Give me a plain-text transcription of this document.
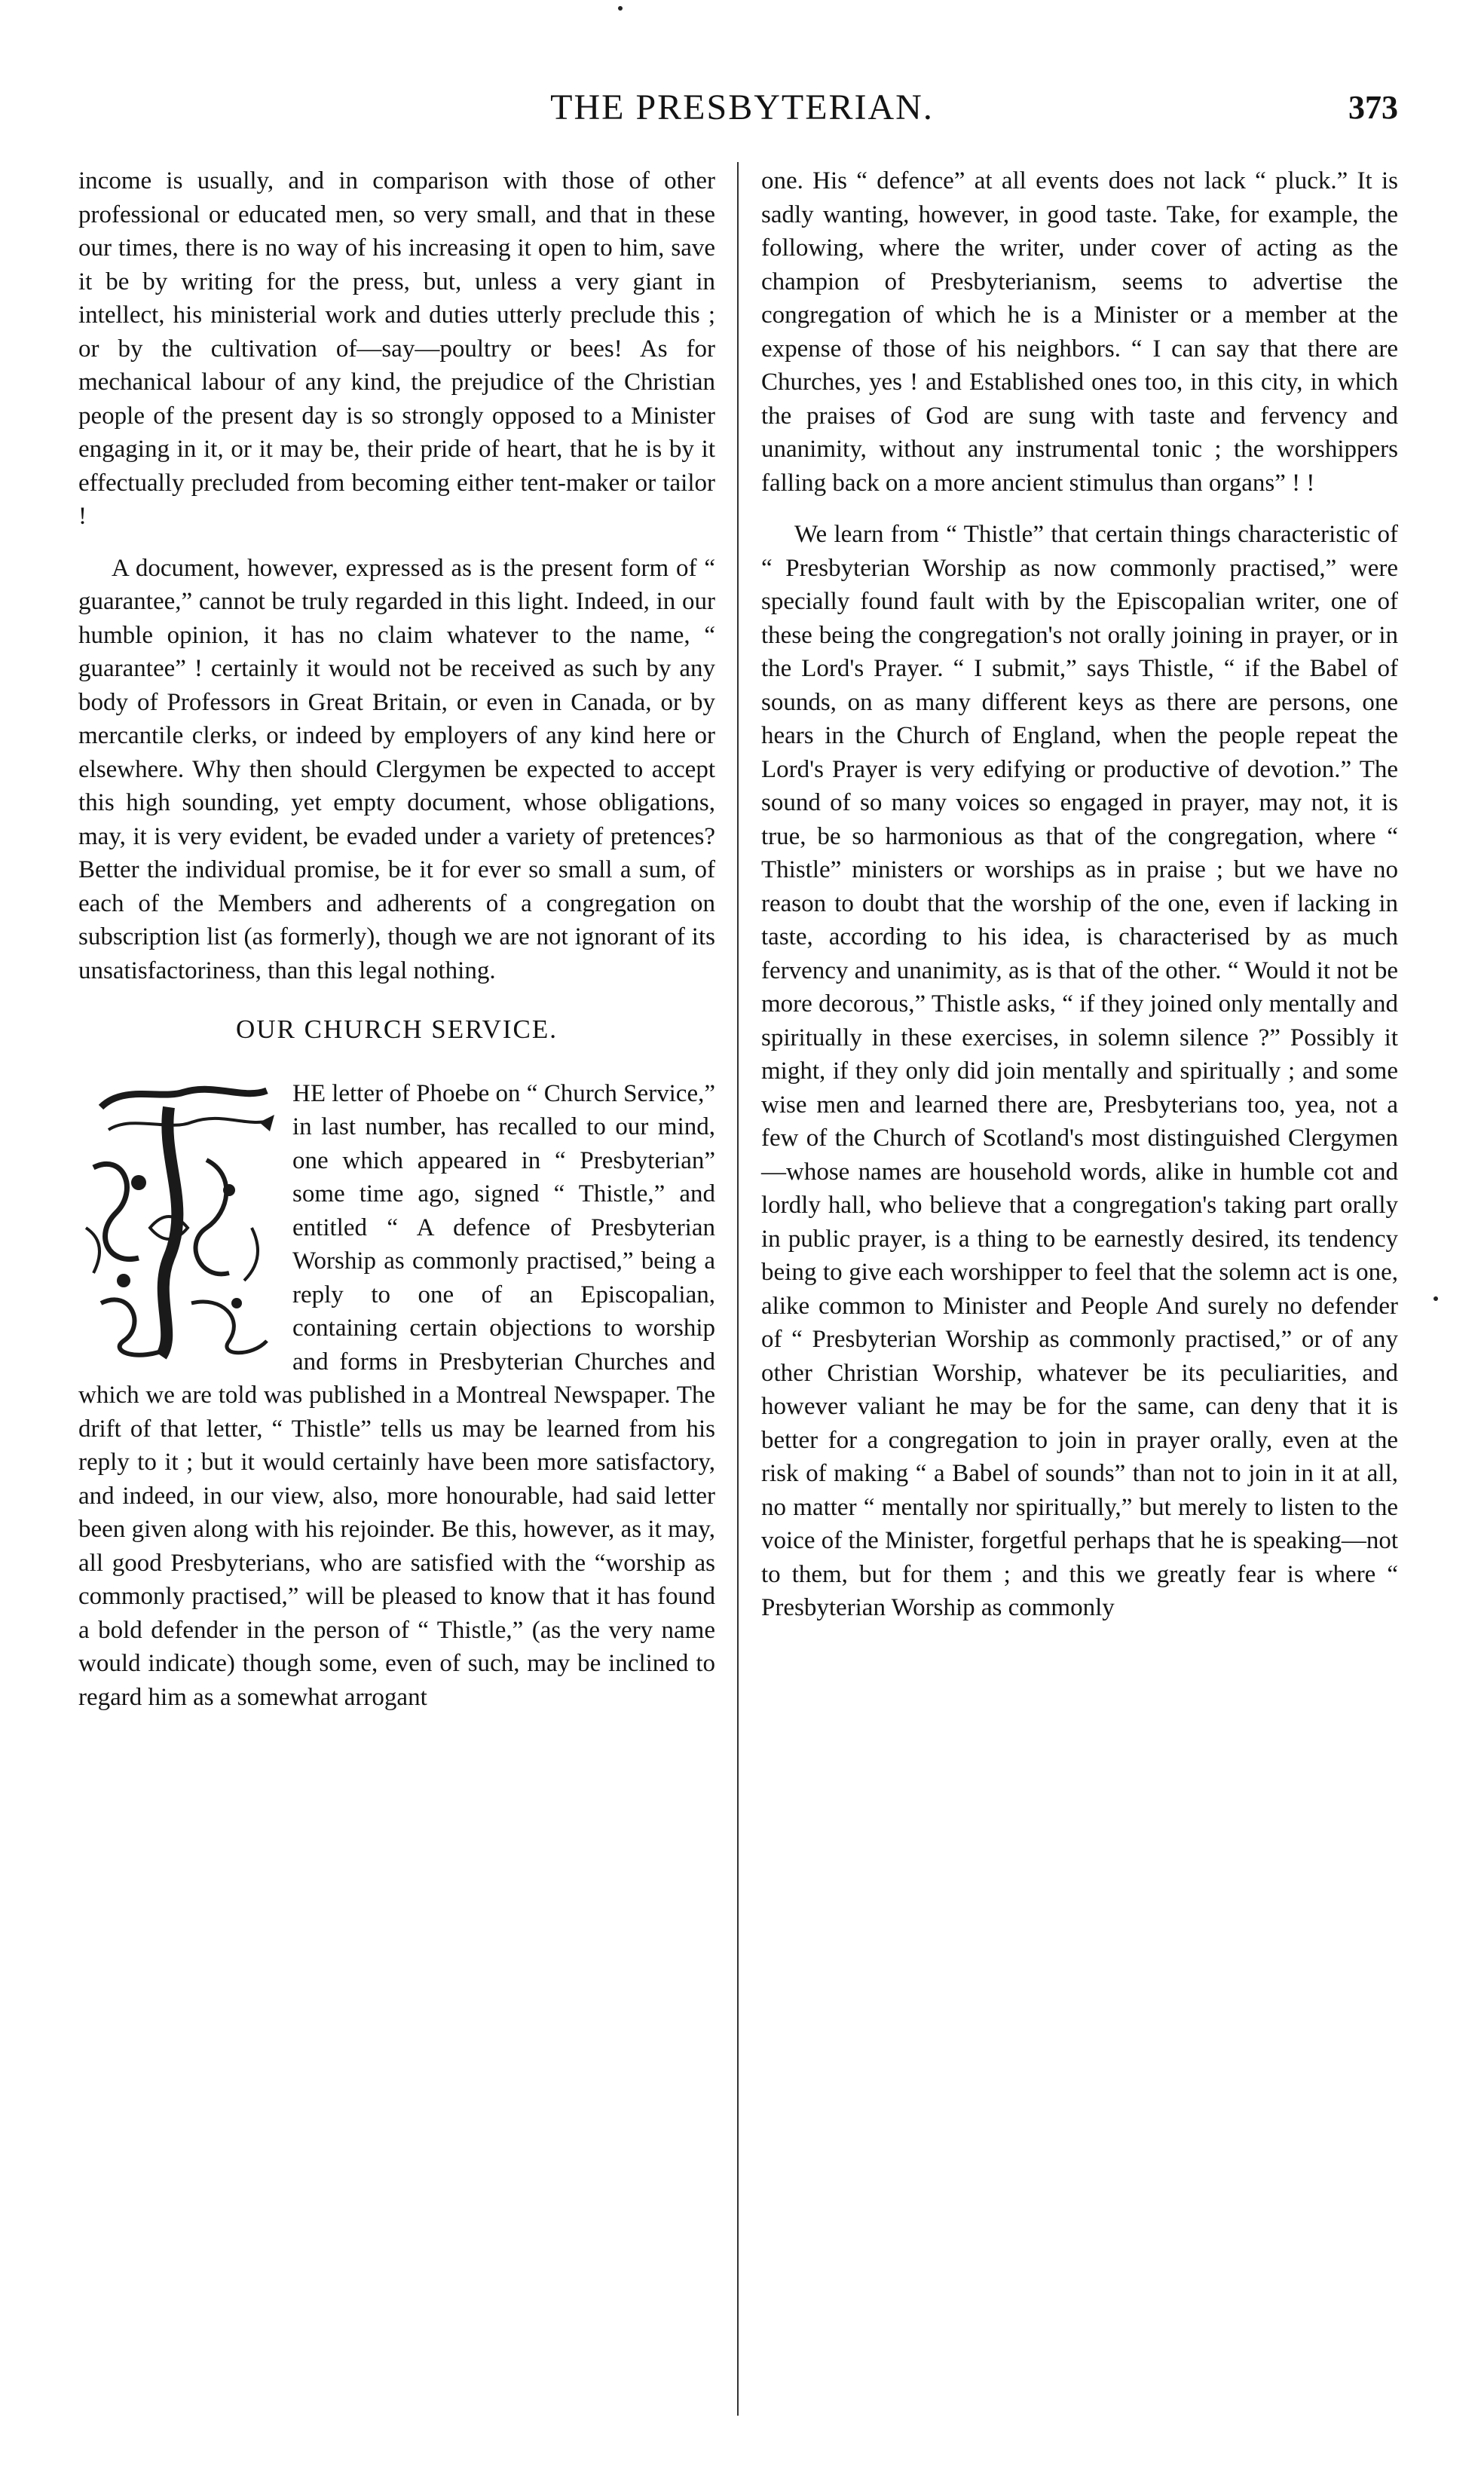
THE PRESBYTERIAN.	373

income is usually, and in comparison with those of other professional or educated men, so very small, and that in these our times, there is no way of his increasing it open to him, save it be by writing for the press, but, unless a very giant in intellect, his ministerial work and duties utterly preclude this ; or by the cultivation of—say—poultry or bees! As for mechanical labour of any kind, the prejudice of the Christian people of the present day is so strongly opposed to a Minister engaging in it, or it may be, their pride of heart, that he is by it effectually precluded from becoming either tent-maker or tailor !

A document, however, expressed as is the present form of “ guarantee,” cannot be truly regarded in this light. Indeed, in our humble opinion, it has no claim whatever to the name, “ guarantee” ! certainly it would not be received as such by any body of Professors in Great Britain, or even in Canada, or by mercantile clerks, or indeed by employers of any kind here or elsewhere. Why then should Clergymen be expected to accept this high sounding, yet empty document, whose obligations, may, it is very evident, be evaded under a variety of pretences? Better the individual promise, be it for ever so small a sum, of each of the Members and adherents of a congregation on subscription list (as formerly), though we are not ignorant of its unsatisfactoriness, than this legal nothing.

OUR CHURCH SERVICE.

HE letter of Phoebe on “ Church Service,” in last number, has recalled to our mind, one which appeared in “ Presbyterian” some time ago, signed “ Thistle,” and entitled “ A defence of Presbyterian Worship as commonly practised,” being a reply to one of an Episcopalian, containing certain objections to worship and forms in Presbyterian Churches and which we are told was published in a Montreal Newspaper. The drift of that letter, “ Thistle” tells us may be learned from his reply to it ; but it would certainly have been more satisfactory, and indeed, in our view, also, more honourable, had said letter been given along with his rejoinder. Be this, however, as it may, all good Presbyterians, who are satisfied with the “worship as commonly practised,” will be pleased to know that it has found a bold defender in the person of “ Thistle,” (as the very name would indicate) though some, even of such, may be inclined to regard him as a somewhat arrogant

one. His “ defence” at all events does not lack “ pluck.” It is sadly wanting, however, in good taste. Take, for example, the following, where the writer, under cover of acting as the champion of Presbyterianism, seems to advertise the congregation of which he is a Minister or a member at the expense of those of his neighbors. “ I can say that there are Churches, yes ! and Established ones too, in this city, in which the praises of God are sung with taste and fervency and unanimity, without any instrumental tonic ; the worshippers falling back on a more ancient stimulus than organs” ! !

We learn from “ Thistle” that certain things characteristic of “ Presbyterian Worship as now commonly practised,” were specially found fault with by the Episcopalian writer, one of these being the congregation's not orally joining in prayer, or in the Lord's Prayer. “ I submit,” says Thistle, “ if the Babel of sounds, on as many different keys as there are persons, one hears in the Church of England, when the people repeat the Lord's Prayer is very edifying or productive of devotion.” The sound of so many voices so engaged in prayer, may not, it is true, be so harmonious as that of the congregation, where “ Thistle” ministers or worships as in praise ; but we have no reason to doubt that the worship of the one, even if lacking in taste, according to his idea, is characterised by as much fervency and unanimity, as is that of the other. “ Would it not be more decorous,” Thistle asks, “ if they joined only mentally and spiritually in these exercises, in solemn silence ?” Possibly it might, if they only did join mentally and spiritually ; and some wise men and learned there are, Presbyterians too, yea, not a few of the Church of Scotland's most distinguished Clergymen—whose names are household words, alike in humble cot and lordly hall, who believe that a congregation's taking part orally in public prayer, is a thing to be earnestly desired, its tendency being to give each worshipper to feel that the solemn act is one, alike common to Minister and People And surely no defender of “ Presbyterian Worship as commonly practised,” or of any other Christian Worship, whatever be its peculiarities, and however valiant he may be for the same, can deny that it is better for a congregation to join in prayer orally, even at the risk of making “ a Babel of sounds” than not to join in it at all, no matter “ mentally nor spiritually,” but merely to listen to the voice of the Minister, forgetful perhaps that he is speaking—not to them, but for them ; and this we greatly fear is where “ Presbyterian Worship as commonly
